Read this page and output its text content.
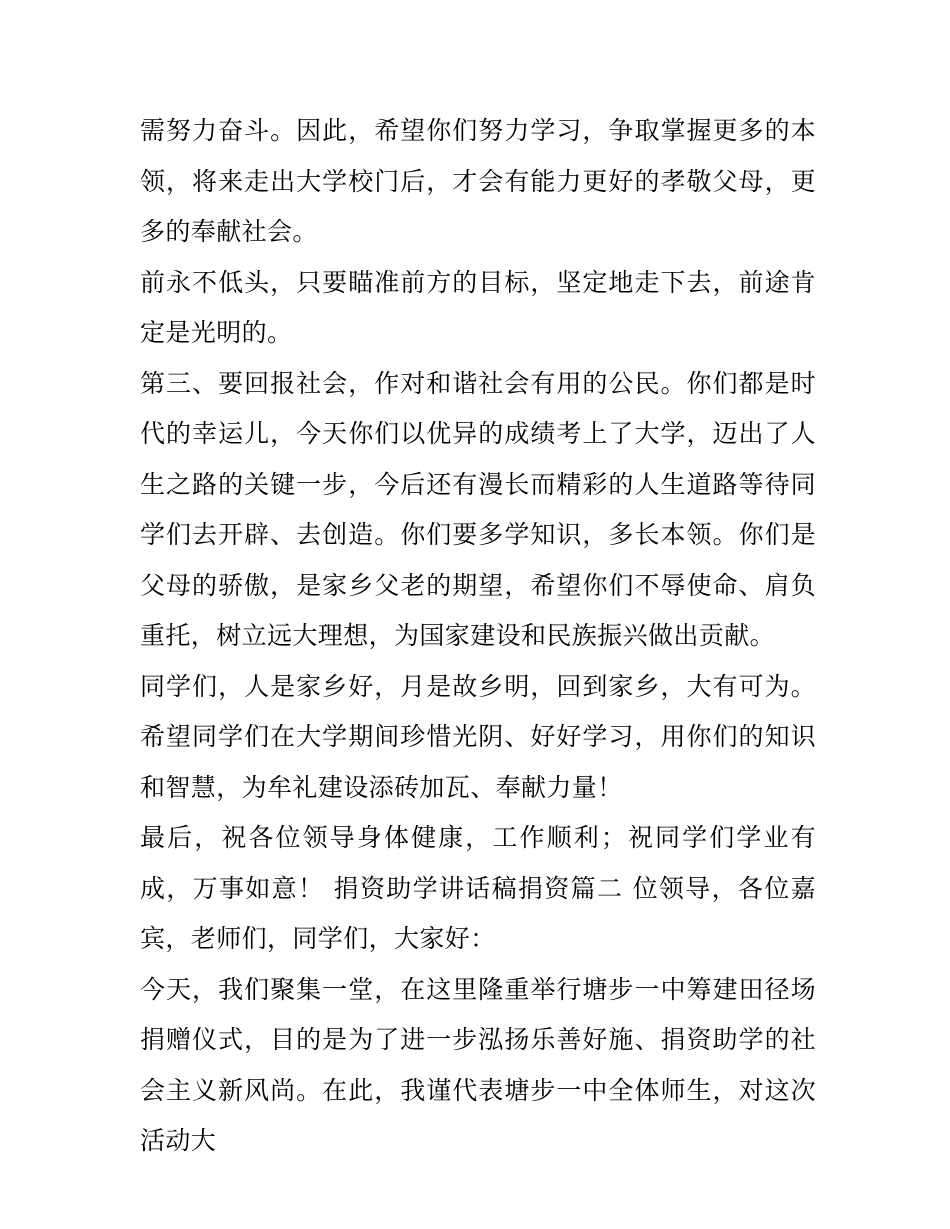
需努力奋斗。因此，希望你们努力学习，争取掌握更多的本领，将来走出大学校门后，才会有能力更好的孝敬父母，更多的奉献社会。

前永不低头，只要瞄准前方的目标，坚定地走下去，前途肯定是光明的。

第三、要回报社会，作对和谐社会有用的公民。你们都是时代的幸运儿，今天你们以优异的成绩考上了大学，迈出了人生之路的关键一步，今后还有漫长而精彩的人生道路等待同学们去开辟、去创造。你们要多学知识，多长本领。你们是父母的骄傲，是家乡父老的期望，希望你们不辱使命、肩负重托，树立远大理想，为国家建设和民族振兴做出贡献。

同学们，人是家乡好，月是故乡明，回到家乡，大有可为。希望同学们在大学期间珍惜光阴、好好学习，用你们的知识和智慧，为牟礼建设添砖加瓦、奉献力量！

最后，祝各位领导身体健康，工作顺利；祝同学们学业有成，万事如意！ 捐资助学讲话稿捐资篇二 位领导，各位嘉宾，老师们，同学们，大家好：

今天，我们聚集一堂，在这里隆重举行塘步一中筹建田径场捐赠仪式，目的是为了进一步泓扬乐善好施、捐资助学的社会主义新风尚。在此，我谨代表塘步一中全体师生，对这次活动大
